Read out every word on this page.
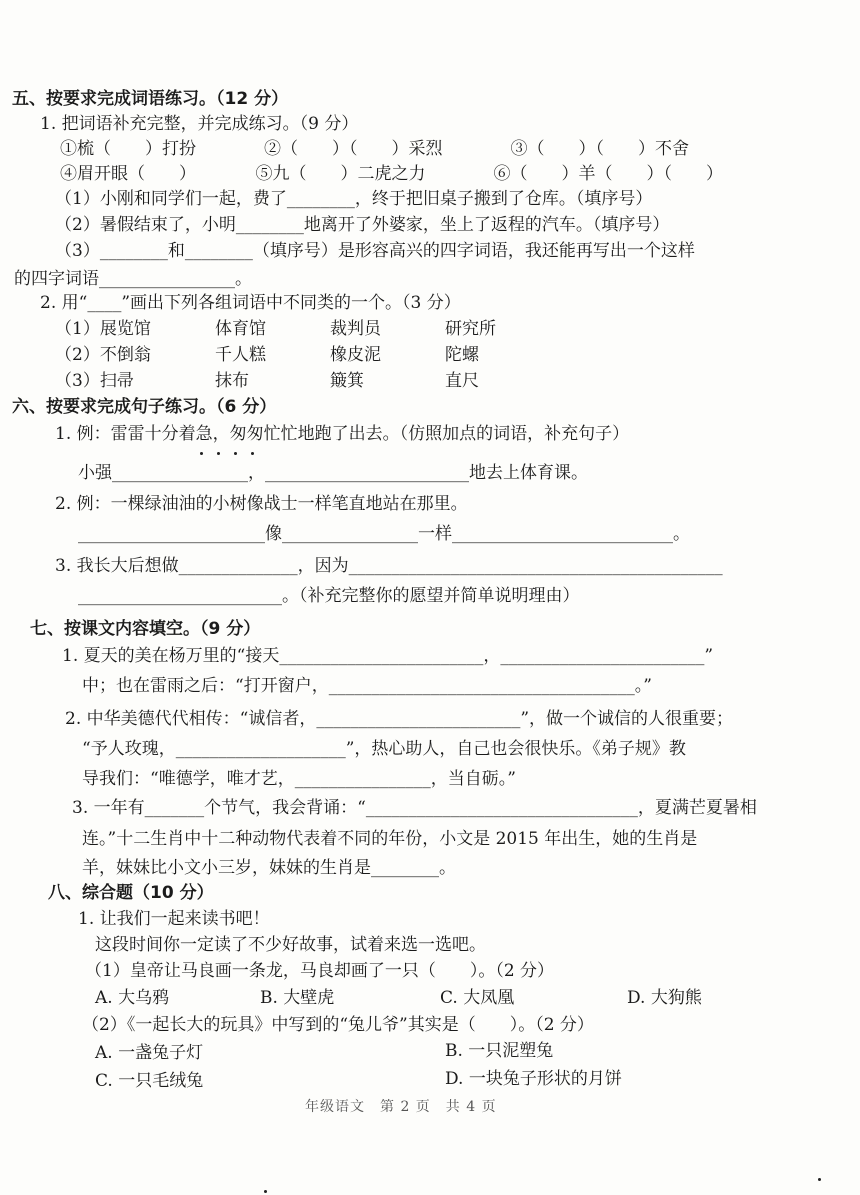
五、按要求完成词语练习。（12 分）
1. 把词语补充完整，并完成练习。（9 分）
①梳（　　）打扮　　　　②（　　）（　　）采烈　　　　③（　　）（　　）不舍
④眉开眼（　　）　　　　⑤九（　　）二虎之力　　　　⑥（　　）羊（　　）（　　）
（1）小刚和同学们一起，费了________，终于把旧桌子搬到了仓库。（填序号）
（2）暑假结束了，小明________地离开了外婆家，坐上了返程的汽车。（填序号）
（3）________和________（填序号）是形容高兴的四字词语，我还能再写出一个这样
的四字词语________________。
2. 用“____”画出下列各组词语中不同类的一个。（3 分）
（1）展览馆	体育馆	裁判员	研究所
（2）不倒翁	千人糕	橡皮泥	陀螺
（3）扫帚	抹布	簸箕	直尺
六、按要求完成句子练习。（6 分）
1. 例：雷雷十分着急，匆匆忙忙地跑了出去。（仿照加点的词语，补充句子）
小强________________，________________________地去上体育课。
2. 例：一棵绿油油的小树像战士一样笔直地站在那里。
______________________像________________一样__________________________。
3. 我长大后想做______________，因为____________________________________________
________________________。（补充完整你的愿望并简单说明理由）
七、按课文内容填空。（9 分）
1. 夏天的美在杨万里的“接天________________________，________________________”
中；也在雷雨之后：“打开窗户，____________________________________。”
2. 中华美德代代相传：“诚信者，________________________”，做一个诚信的人很重要；
“予人玫瑰，____________________”，热心助人，自己也会很快乐。《弟子规》教
导我们：“唯德学，唯才艺，________________，当自砺。”
3. 一年有_______个节气，我会背诵：“________________________________，夏满芒夏暑相
连。”十二生肖中十二种动物代表着不同的年份，小文是 2015 年出生，她的生肖是
羊，妹妹比小文小三岁，妹妹的生肖是________。
八、综合题（10 分）
1. 让我们一起来读书吧！
这段时间你一定读了不少好故事，试着来选一选吧。
（1）皇帝让马良画一条龙，马良却画了一只（　　）。（2 分）
A. 大乌鸦	B. 大壁虎	C. 大凤凰	D. 大狗熊
（2）《一起长大的玩具》中写到的“兔儿爷”其实是（　　）。（2 分）
A. 一盏兔子灯	B. 一只泥塑兔
C. 一只毛绒兔	D. 一块兔子形状的月饼
年级语文　第 2 页　共 4 页
